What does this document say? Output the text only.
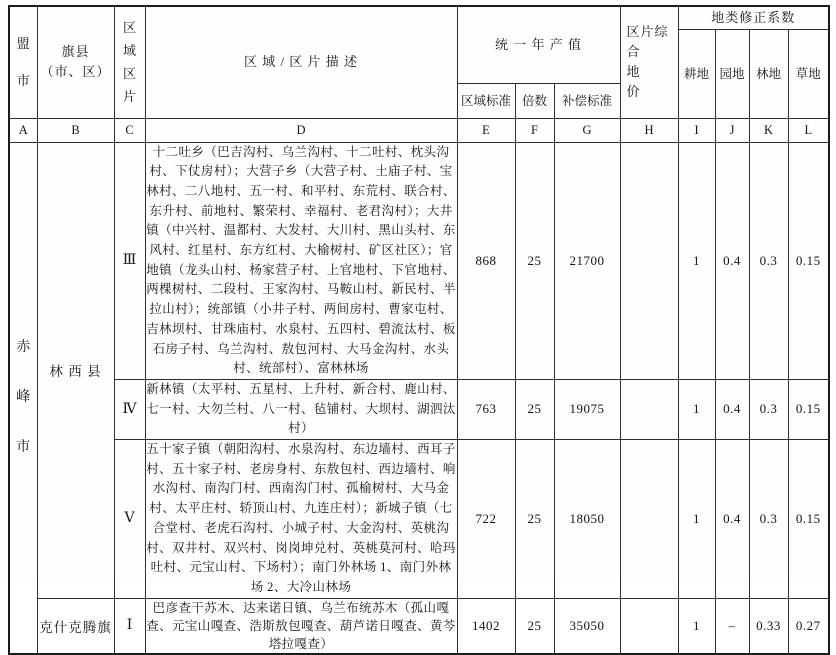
盟
市	旗县
（市、区）	区
域
区
片	区 域 / 区 片 描 述	统 一 年 产 值			区片综合
地　　价	地类修正系数			
								耕地	园地	林地	草地
				区域标准	倍数	补偿标准					
A	B	C	D	E	F	G	H	I	J	K	L
赤
峰
市	林 西 县	Ⅲ	十二吐乡（巴吉沟村、乌兰沟村、十二吐村、枕头沟村、下仗房村）；大营子乡（大营子村、土庙子村、宝林村、二八地村、五一村、和平村、东荒村、联合村、东升村、前地村、繁荣村、幸福村、老君沟村）；大井镇（中兴村、温都村、大发村、大川村、黑山头村、东风村、红星村、东方红村、大榆树村、矿区社区）；官地镇（龙头山村、杨家营子村、上官地村、下官地村、两棵树村、二段村、王家沟村、马鞍山村、新民村、半拉山村）；统部镇（小井子村、两间房村、曹家屯村、吉林坝村、甘珠庙村、水泉村、五四村、碧流汰村、板石房子村、乌兰沟村、敖包河村、大马金沟村、水头村、统部村）、富林林场	868	25	21700		1	0.4	0.3	0.15
		Ⅳ	新林镇（太平村、五星村、上升村、新合村、鹿山村、七一村、大勿兰村、八一村、毡铺村、大坝村、湖泗汰村）	763	25	19075		1	0.4	0.3	0.15
		Ⅴ	五十家子镇（朝阳沟村、水泉沟村、东边墙村、西耳子村、五十家子村、老房身村、东敖包村、西边墙村、响水沟村、南沟门村、西南沟门村、孤榆树村、大马金村、太平庄村、轿顶山村、九连庄村）；新城子镇（七合堂村、老虎石沟村、小城子村、大金沟村、英桃沟村、双井村、双兴村、岗岗坤兑村、英桃莫河村、哈玛吐村、元宝山村、下场村）；南门外林场 1、南门外林场 2、大冷山林场	722	25	18050		1	0.4	0.3	0.15
	克什克腾旗	Ⅰ	巴彦查干苏木、达来诺日镇、乌兰布统苏木（孤山嘎查、元宝山嘎查、浩斯敖包嘎查、葫芦诺日嘎查、黄芩塔拉嘎查）	1402	25	35050		1	–	0.33	0.27
